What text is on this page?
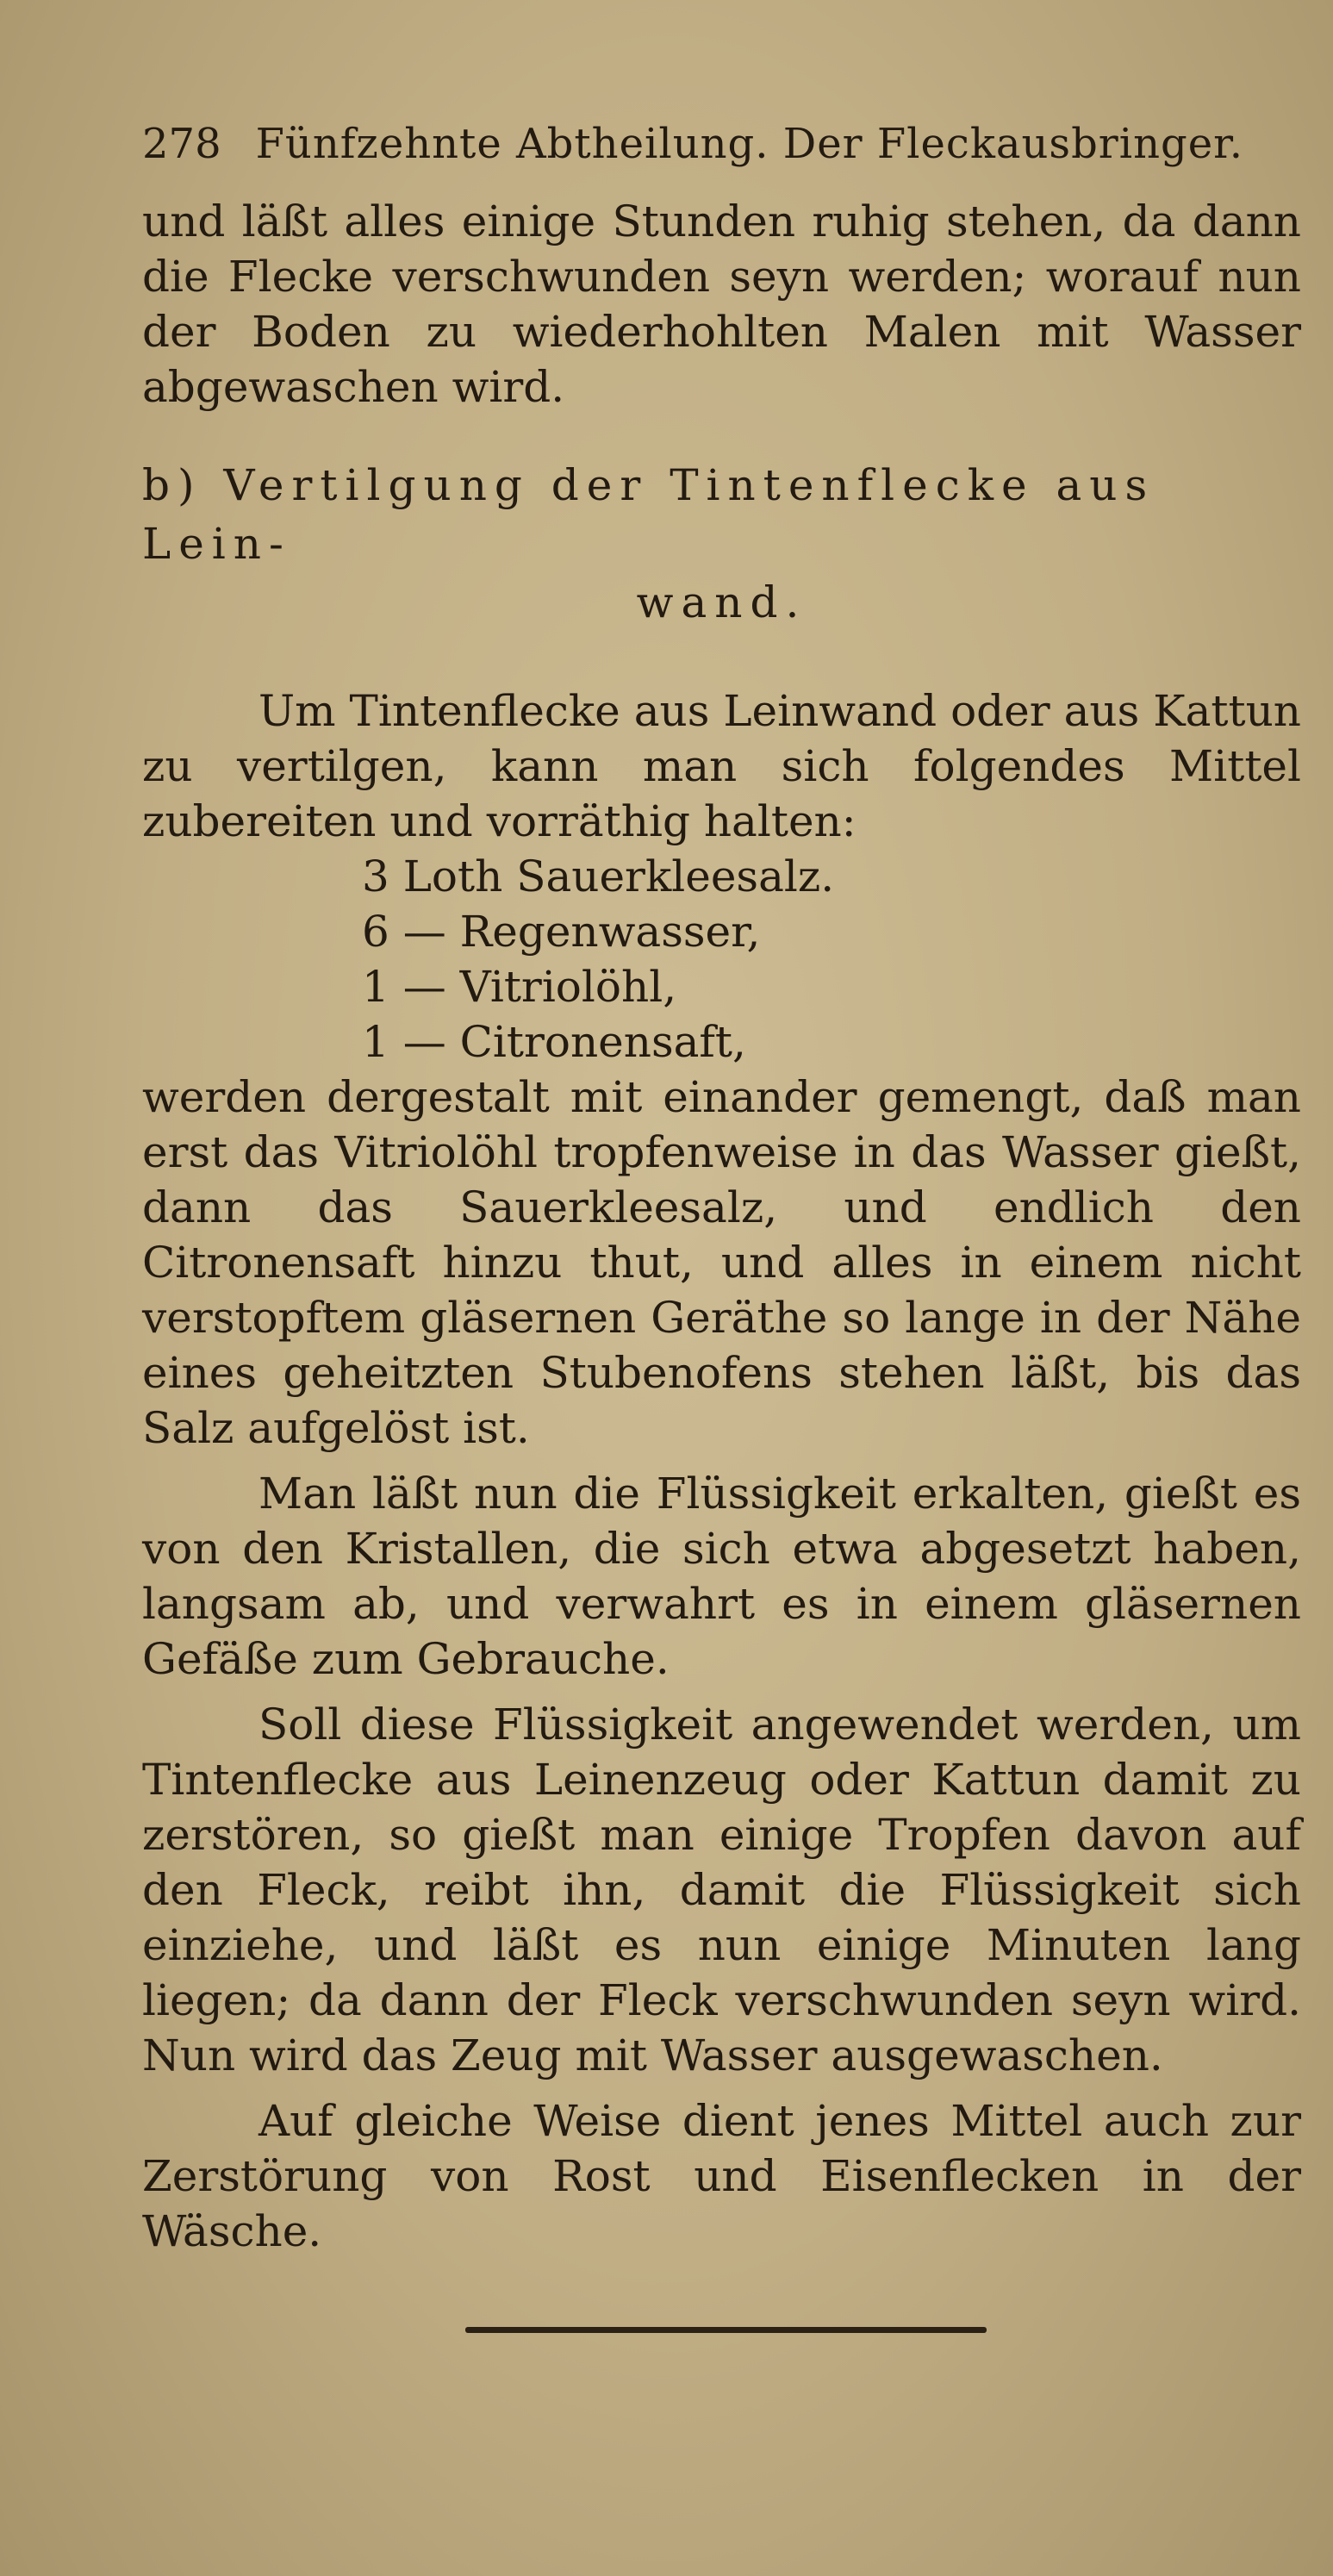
278 Fünfzehnte Abtheilung. Der Fleckausbringer.

und läßt alles einige Stunden ruhig stehen, da dann die Flecke verschwunden seyn werden; worauf nun der Boden zu wiederhohlten Malen mit Wasser abgewaschen wird.

b) Vertilgung der Tintenflecke aus Lein-
wand.

Um Tintenflecke aus Leinwand oder aus Kattun zu vertilgen, kann man sich folgendes Mittel zubereiten und vorräthig halten:

3 Loth Sauerkleesalz.
6 — Regenwasser,
1 — Vitriolöhl,
1 — Citronensaft,

werden dergestalt mit einander gemengt, daß man erst das Vitriolöhl tropfenweise in das Wasser gießt, dann das Sauerkleesalz, und endlich den Citronensaft hinzu thut, und alles in einem nicht verstopftem gläsernen Geräthe so lange in der Nähe eines geheitzten Stubenofens stehen läßt, bis das Salz aufgelöst ist.

Man läßt nun die Flüssigkeit erkalten, gießt es von den Kristallen, die sich etwa abgesetzt haben, langsam ab, und verwahrt es in einem gläsernen Gefäße zum Gebrauche.

Soll diese Flüssigkeit angewendet werden, um Tintenflecke aus Leinenzeug oder Kattun damit zu zerstören, so gießt man einige Tropfen davon auf den Fleck, reibt ihn, damit die Flüssigkeit sich einziehe, und läßt es nun einige Minuten lang liegen; da dann der Fleck verschwunden seyn wird. Nun wird das Zeug mit Wasser ausgewaschen.

Auf gleiche Weise dient jenes Mittel auch zur Zerstörung von Rost und Eisenflecken in der Wäsche.
